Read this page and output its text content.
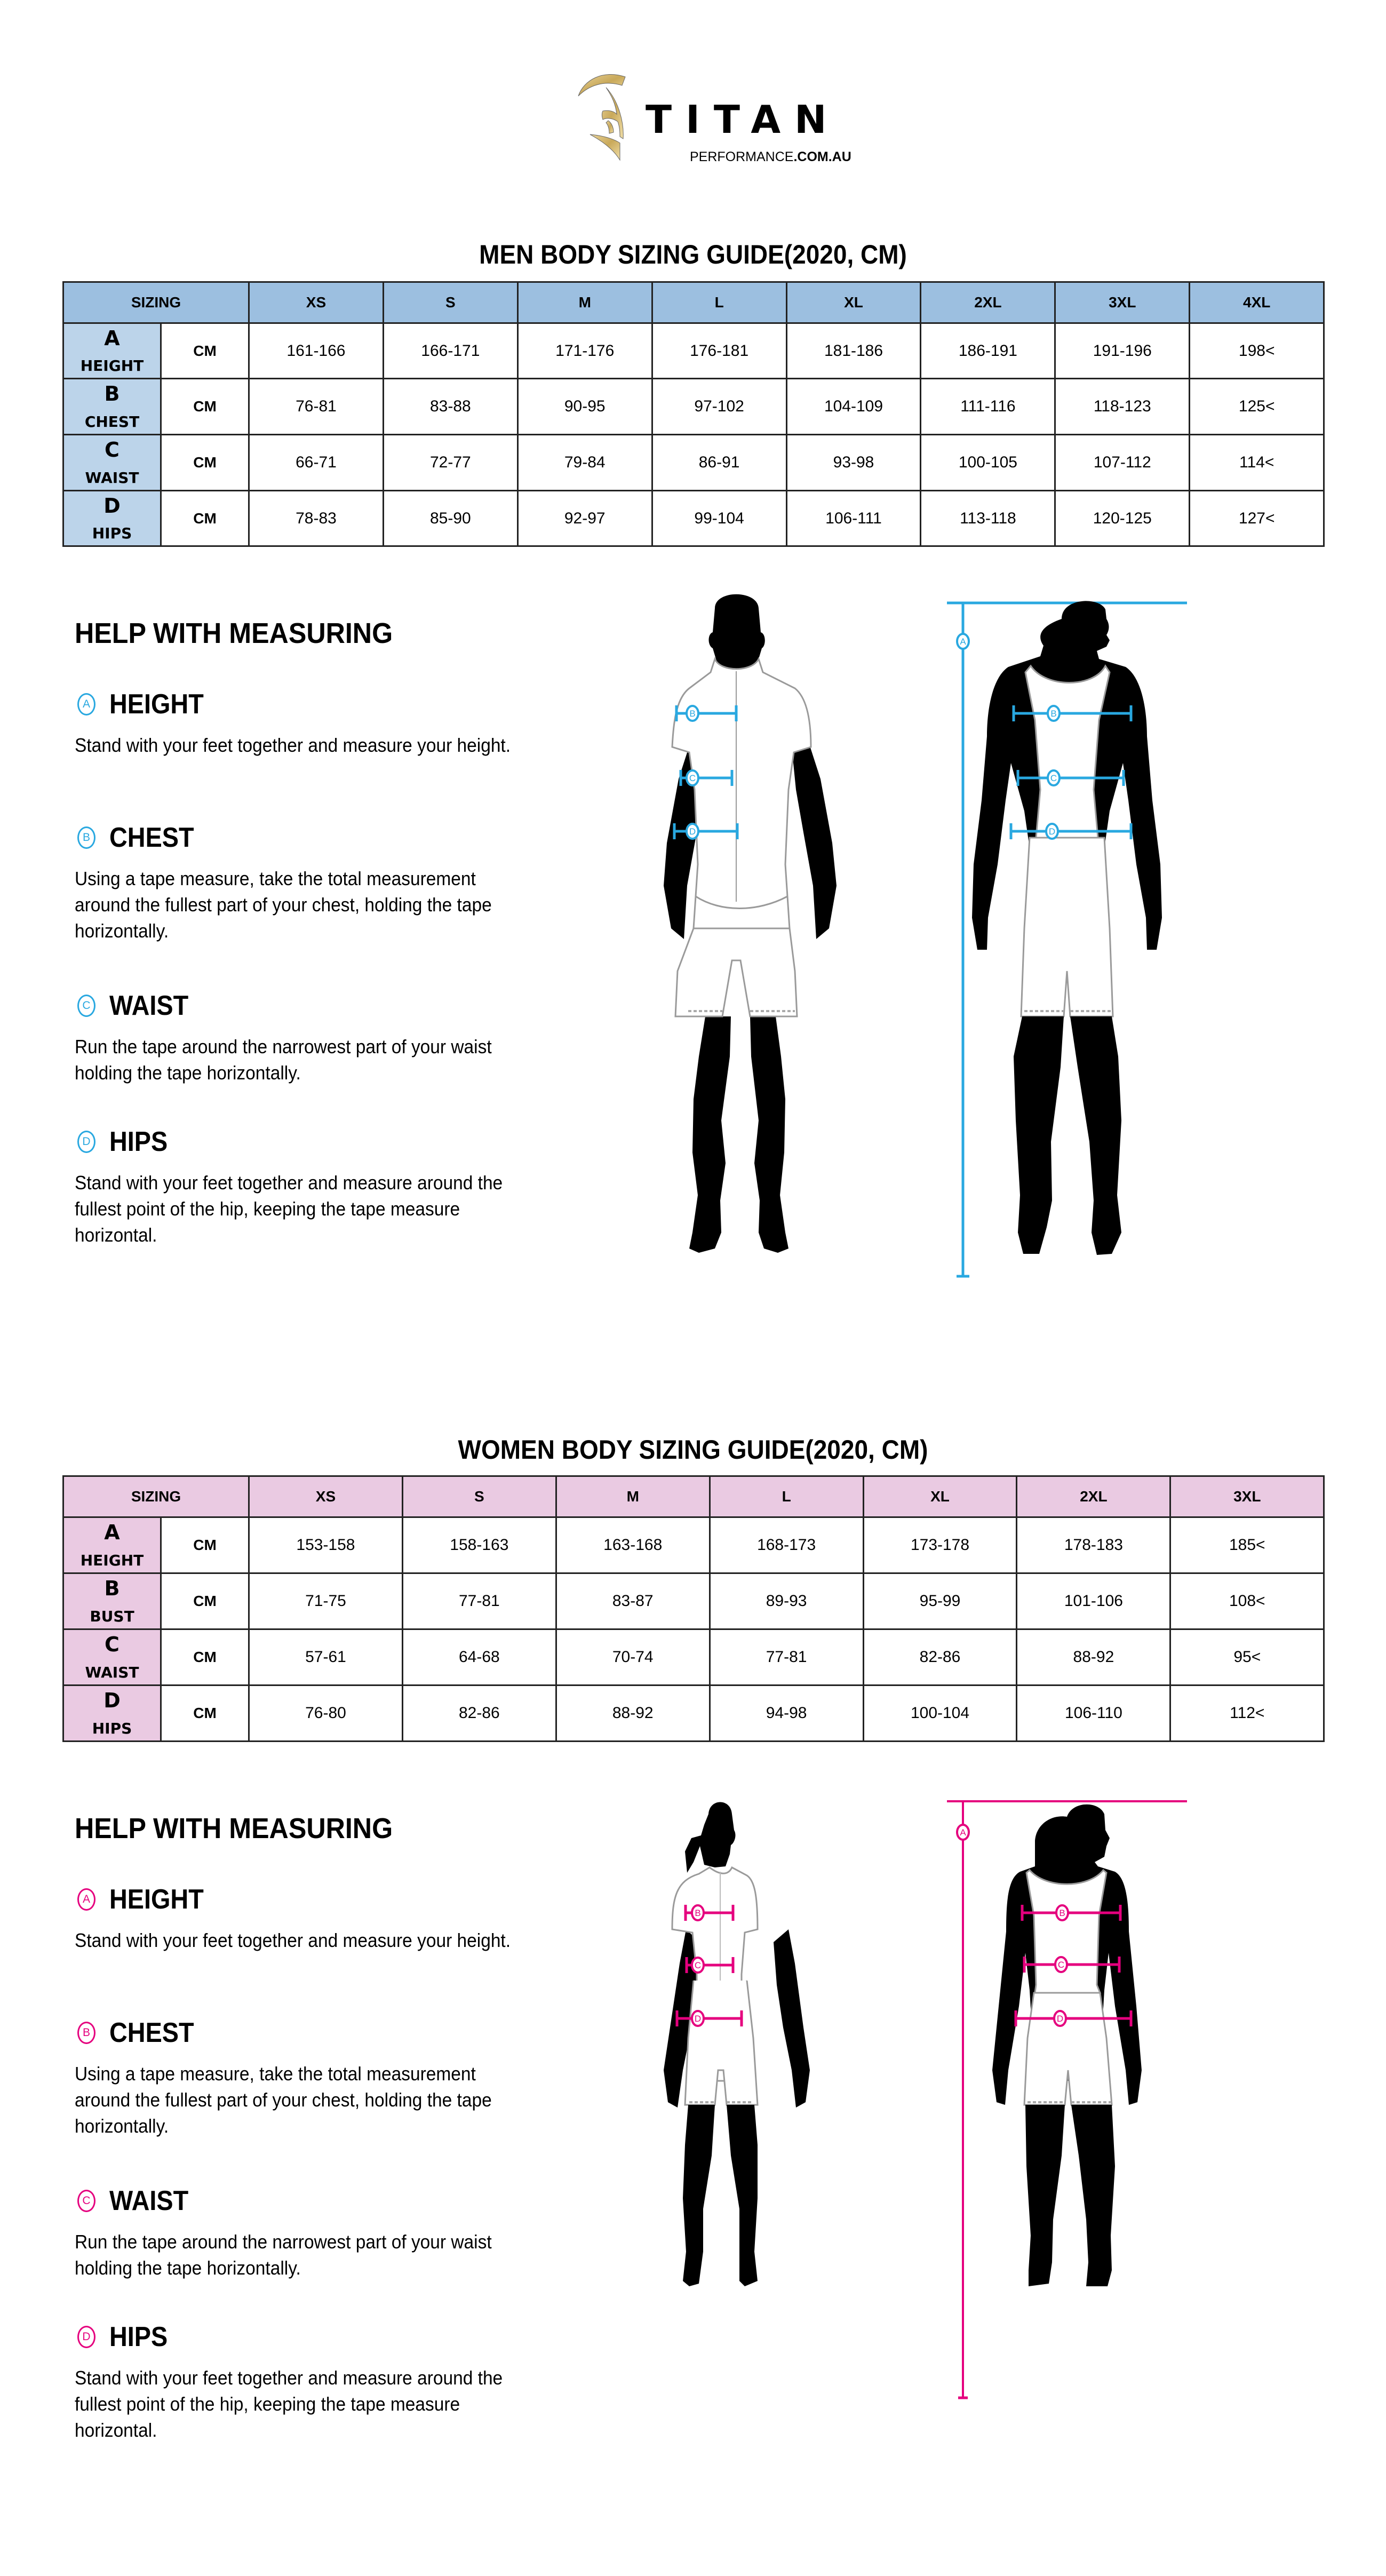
TITAN
PERFORMANCE.COM.AU
MEN BODY SIZING GUIDE(2020, CM)
SIZING		XS	S	M	L	XL	2XL	3XL	4XL

A
HEIGHT	CM	161-166	166-171	171-176	176-181	181-186	186-191	191-196	198<

B
CHEST	CM	76-81	83-88	90-95	97-102	104-109	111-116	118-123	125<

C
WAIST	CM	66-71	72-77	79-84	86-91	93-98	100-105	107-112	114<

D
HIPS	CM	78-83	85-90	92-97	99-104	106-111	113-118	120-125	127<
HELP WITH MEASURING
A HEIGHT
Stand with your feet together and measure your height.
B CHEST
Using a tape measure, take the total measurement around the fullest part of your chest, holding the tape horizontally.
C WAIST
Run the tape around the narrowest part of your waist holding the tape horizontally.
D HIPS
Stand with your feet together and measure around the fullest point of the hip, keeping the tape measure horizontal.
B
C
D
A
B
C
D
WOMEN BODY SIZING GUIDE(2020, CM)
SIZING		XS	S	M	L	XL	2XL	3XL

A
HEIGHT	CM	153-158	158-163	163-168	168-173	173-178	178-183	185<

B
BUST	CM	71-75	77-81	83-87	89-93	95-99	101-106	108<

C
WAIST	CM	57-61	64-68	70-74	77-81	82-86	88-92	95<

D
HIPS	CM	76-80	82-86	88-92	94-98	100-104	106-110	112<
HELP WITH MEASURING
A HEIGHT
Stand with your feet together and measure your height.
B CHEST
Using a tape measure, take the total measurement around the fullest part of your chest, holding the tape horizontally.
C WAIST
Run the tape around the narrowest part of your waist holding the tape horizontally.
D HIPS
Stand with your feet together and measure around the fullest point of the hip, keeping the tape measure horizontal.
B
C
D
A
B
C
D
